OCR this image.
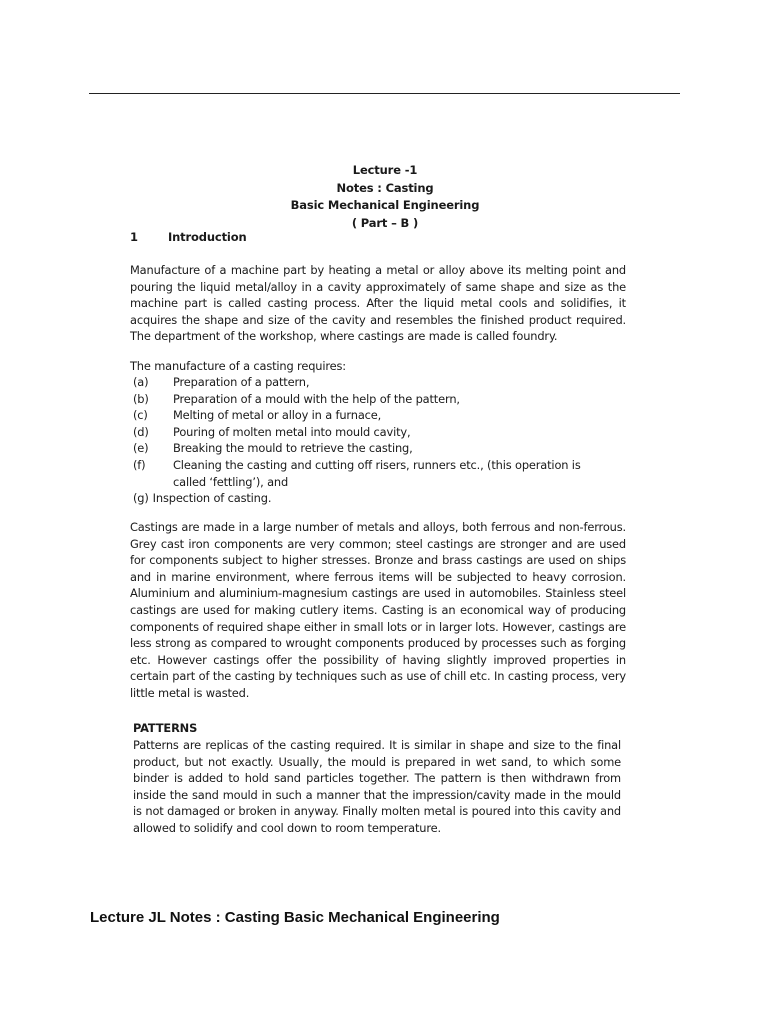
Lecture -1
Notes : Casting
Basic Mechanical Engineering
( Part – B )
1	Introduction
Manufacture of a machine part by heating a metal or alloy above its melting point and pouring the liquid metal/alloy in a cavity approximately of same shape and size as the machine part is called casting process. After the liquid metal cools and solidifies, it acquires the shape and size of the cavity and resembles the finished product required. The department of the workshop, where castings are made is called foundry.
The manufacture of a casting requires:
(a)	Preparation of a pattern,
(b)	Preparation of a mould with the help of the pattern,
(c)	Melting of metal or alloy in a furnace,
(d)	Pouring of molten metal into mould cavity,
(e)	Breaking the mould to retrieve the casting,
(f)	Cleaning the casting and cutting off risers, runners etc., (this operation is called ‘fettling’), and
(g) Inspection of casting.
Castings are made in a large number of metals and alloys, both ferrous and non-ferrous. Grey cast iron components are very common; steel castings are stronger and are used for components subject to higher stresses. Bronze and brass castings are used on ships and in marine environment, where ferrous items will be subjected to heavy corrosion. Aluminium and aluminium-magnesium castings are used in automobiles. Stainless steel castings are used for making cutlery items. Casting is an economical way of producing components of required shape either in small lots or in larger lots. However, castings are less strong as compared to wrought components produced by processes such as forging etc. However castings offer the possibility of having slightly improved properties in certain part of the casting by techniques such as use of chill etc. In casting process, very little metal is wasted.
PATTERNS
Patterns are replicas of the casting required. It is similar in shape and size to the final product, but not exactly. Usually, the mould is prepared in wet sand, to which some binder is added to hold sand particles together. The pattern is then withdrawn from inside the sand mould in such a manner that the impression/cavity made in the mould is not damaged or broken in anyway. Finally molten metal is poured into this cavity and allowed to solidify and cool down to room temperature.
Lecture JL Notes : Casting Basic Mechanical Engineering
